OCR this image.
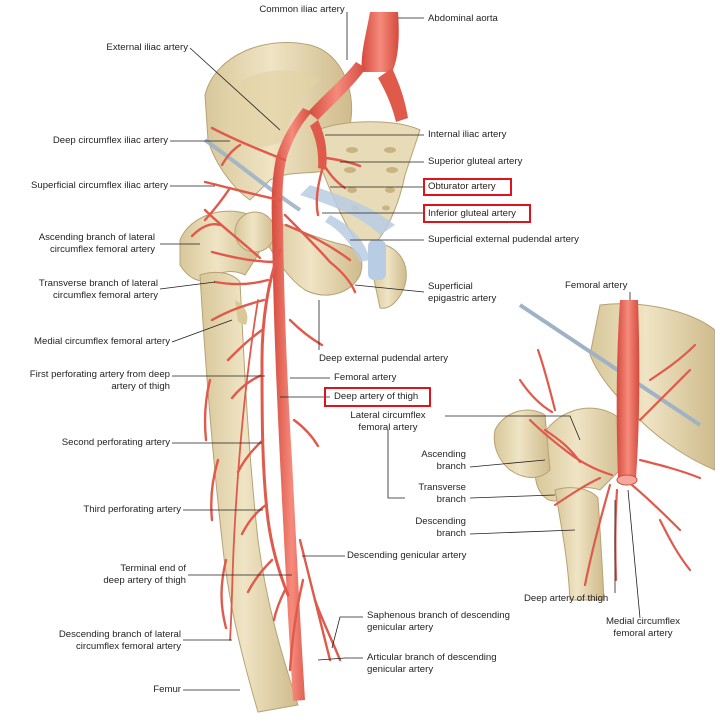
Common iliac artery
Abdominal aorta
External iliac artery
Deep circumflex iliac artery
Superficial circumflex iliac artery
Ascending branch of lateral
circumflex femoral artery
Transverse branch of lateral
circumflex femoral artery
Medial circumflex femoral artery
First perforating artery from deep
artery of thigh
Second perforating artery
Third perforating artery
Terminal end of
deep artery of thigh
Descending branch of lateral
circumflex femoral artery
Femur
Internal iliac artery
Superior gluteal artery
Obturator artery
Inferior gluteal artery
Superficial external pudendal artery
Superficial
epigastric artery
Deep external pudendal artery
Femoral artery
Deep artery of thigh
Descending genicular artery
Saphenous branch of descending
genicular artery
Articular branch of descending
genicular artery
Femoral artery
Lateral circumflex
femoral artery
Ascending
branch
Transverse
branch
Descending
branch
Deep artery of thigh
Medial circumflex
femoral artery
